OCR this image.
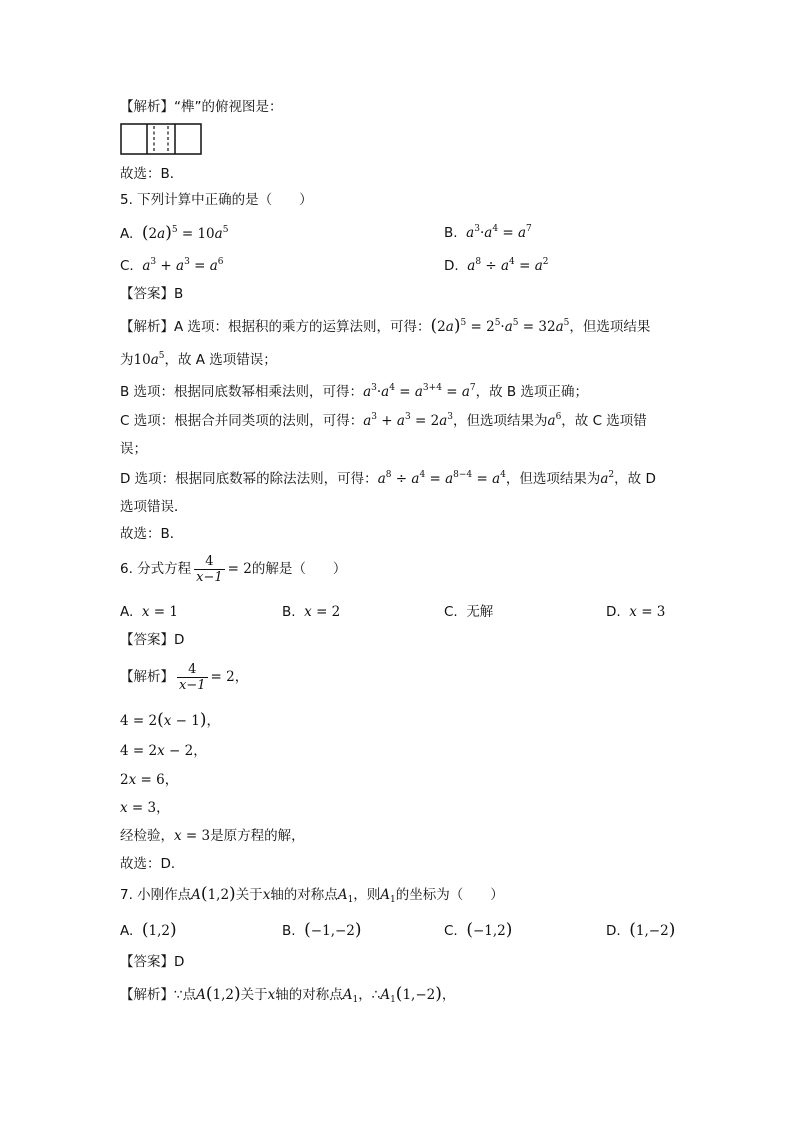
【解析】“榫”的俯视图是：
故选：B．
5. 下列计算中正确的是（　　）
A. $(2a)^5 = 10a^5$	B. $a^3\cdot a^4 = a^7$
C. $a^3 + a^3 = a^6$	D. $a^8 \div a^4 = a^2$
【答案】B
【解析】A 选项：根据积的乘方的运算法则，可得：$(2a)^5 = 2^5\cdot a^5 = 32a^5$，但选项结果
为$10a^5$，故 A 选项错误；
B 选项：根据同底数幂相乘法则，可得：$a^3\cdot a^4 = a^{3+4} = a^7$，故 B 选项正确；
C 选项：根据合并同类项的法则，可得：$a^3 + a^3 = 2a^3$，但选项结果为$a^6$，故 C 选项错
误；
D 选项：根据同底数幂的除法法则，可得：$a^8 \div a^4 = a^{8-4} = a^4$，但选项结果为$a^2$，故 D
选项错误．
故选：B．
6. 分式方程 $\frac{4}{x-1} = 2$的解是（　　）
A. x = 1	B. x = 2	C. 无解	D. x = 3
【答案】D
【解析】 $\frac{4}{x-1} = 2$，
4 = 2(x − 1)，
4 = 2x − 2，
2x = 6，
x = 3，
经检验，x = 3是原方程的解，
故选：D．
7. 小刚作点A(1,2)关于x轴的对称点$A_1$，则$A_1$的坐标为（　　）
A. (1,2)	B. (−1,−2)	C. (−1,2)	D. (1,−2)
【答案】D
【解析】∵点A(1,2)关于x轴的对称点$A_1$，$\therefore A_1(1,-2)$，
